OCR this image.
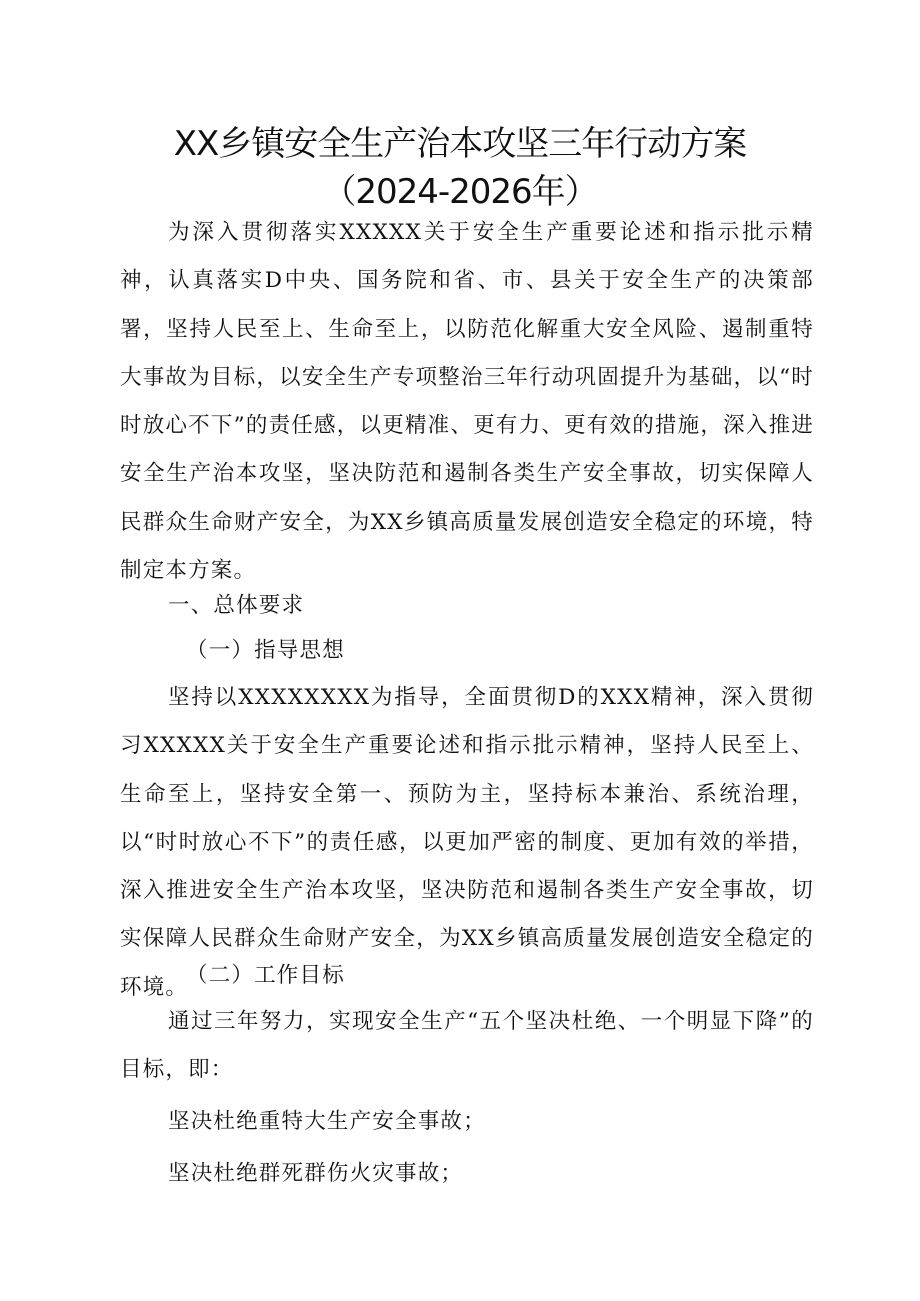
XX乡镇安全生产治本攻坚三年行动方案
（2024-2026年）

为深入贯彻落实XXXXX关于安全生产重要论述和指示批示精神，认真落实D中央、国务院和省、市、县关于安全生产的决策部署，坚持人民至上、生命至上，以防范化解重大安全风险、遏制重特大事故为目标，以安全生产专项整治三年行动巩固提升为基础，以“时时放心不下”的责任感，以更精准、更有力、更有效的措施，深入推进安全生产治本攻坚，坚决防范和遏制各类生产安全事故，切实保障人民群众生命财产安全，为XX乡镇高质量发展创造安全稳定的环境，特制定本方案。

一、总体要求

（一）指导思想

坚持以XXXXXXXX为指导，全面贯彻D的XXX精神，深入贯彻习XXXXX关于安全生产重要论述和指示批示精神，坚持人民至上、生命至上，坚持安全第一、预防为主，坚持标本兼治、系统治理，以“时时放心不下”的责任感，以更加严密的制度、更加有效的举措，深入推进安全生产治本攻坚，坚决防范和遏制各类生产安全事故，切实保障人民群众生命财产安全，为XX乡镇高质量发展创造安全稳定的环境。

（二）工作目标

通过三年努力，实现安全生产“五个坚决杜绝、一个明显下降”的目标，即：

坚决杜绝重特大生产安全事故；

坚决杜绝群死群伤火灾事故；
